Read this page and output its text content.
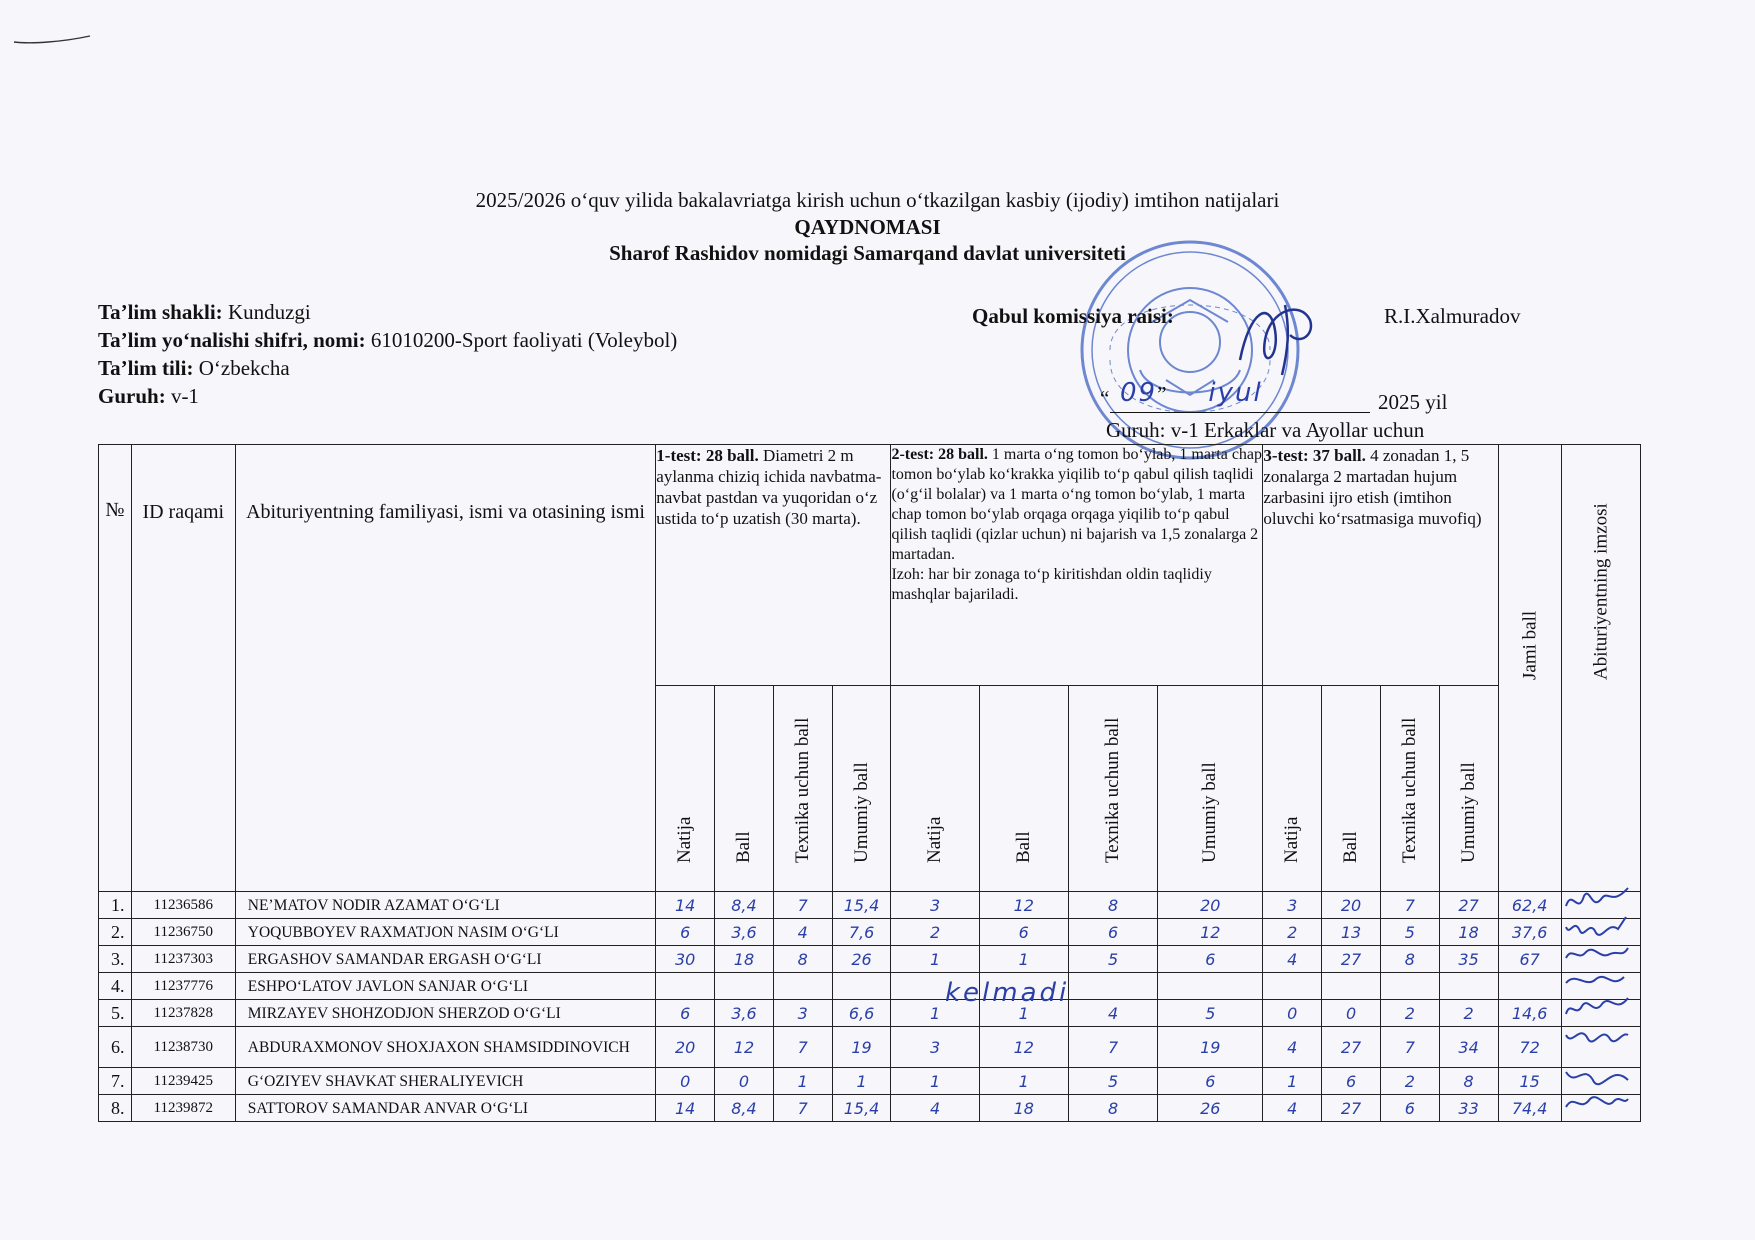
2025/2026 o‘quv yilida bakalavriatga kirish uchun o‘tkazilgan kasbiy (ijodiy) imtihon natijalari
QAYDNOMASI
Sharof Rashidov nomidagi Samarqand davlat universiteti
Ta’lim shakli: Kunduzgi
Ta’lim yo‘nalishi shifri, nomi: 61010200-Sport faoliyati (Voleybol)
Ta’lim tili: O‘zbekcha
Guruh: v-1
Qabul komissiya raisi:	R.I.Xalmuradov
“ 09” iyul	2025 yil
Guruh: v-1 Erkaklar va Ayollar uchun
№	ID raqami	Abituriyentning familiyasi, ismi va otasining ismi	1-test: 28 ball. Diametri 2 m aylanma chiziq ichida navbatma-navbat pastdan va yuqoridan o‘z ustida to‘p uzatish (30 marta).				2-test: 28 ball. 1 marta o‘ng tomon bo‘ylab, 1 marta chap tomon bo‘ylab ko‘krakka yiqilib to‘p qabul qilish taqlidi (o‘g‘il bolalar) va 1 marta o‘ng tomon bo‘ylab, 1 marta chap tomon bo‘ylab orqaga orqaga yiqilib to‘p qabul qilish taqlidi (qizlar uchun) ni bajarish va 1,5 zonalarga 2 martadan.
Izoh: har bir zonaga to‘p kiritishdan oldin taqlidiy mashqlar bajariladi.				3-test: 37 ball. 4 zonadan 1, 5 zonalarga 2 martadan hujum zarbasini ijro etish (imtihon oluvchi ko‘rsatmasiga muvofiq)				Jami ball	Abituriyentning imzosi

			Natija	Ball	Texnika uchun ball	Umumiy ball	Natija	Ball	Texnika uchun ball	Umumiy ball	Natija	Ball	Texnika uchun ball	Umumiy ball		

1.	11236586	NE’MATOV NODIR AZAMAT O‘G‘LI	14	8,4	7	15,4	3	12	8	20	3	20	7	27	62,4	

2.	11236750	YOQUBBOYEV RAXMATJON NASIM O‘G‘LI	6	3,6	4	7,6	2	6	6	12	2	13	5	18	37,6	

3.	11237303	ERGASHOV SAMANDAR ERGASH O‘G‘LI	30	18	8	26	1	1	5	6	4	27	8	35	67	

4.	11237776	ESHPO‘LATOV JAVLON SANJAR O‘G‘LI														

5.	11237828	MIRZAYEV SHOHZODJON SHERZOD O‘G‘LI	6	3,6	3	6,6	1	1	4	5	0	0	2	2	14,6	

6.	11238730	ABDURAXMONOV SHOXJAXON SHAMSIDDINOVICH	20	12	7	19	3	12	7	19	4	27	7	34	72	

7.	11239425	G‘OZIYEV SHAVKAT SHERALIYEVICH	0	0	1	1	1	1	5	6	1	6	2	8	15	

8.	11239872	SATTOROV SAMANDAR ANVAR O‘G‘LI	14	8,4	7	15,4	4	18	8	26	4	27	6	33	74,4	
kelmadi
